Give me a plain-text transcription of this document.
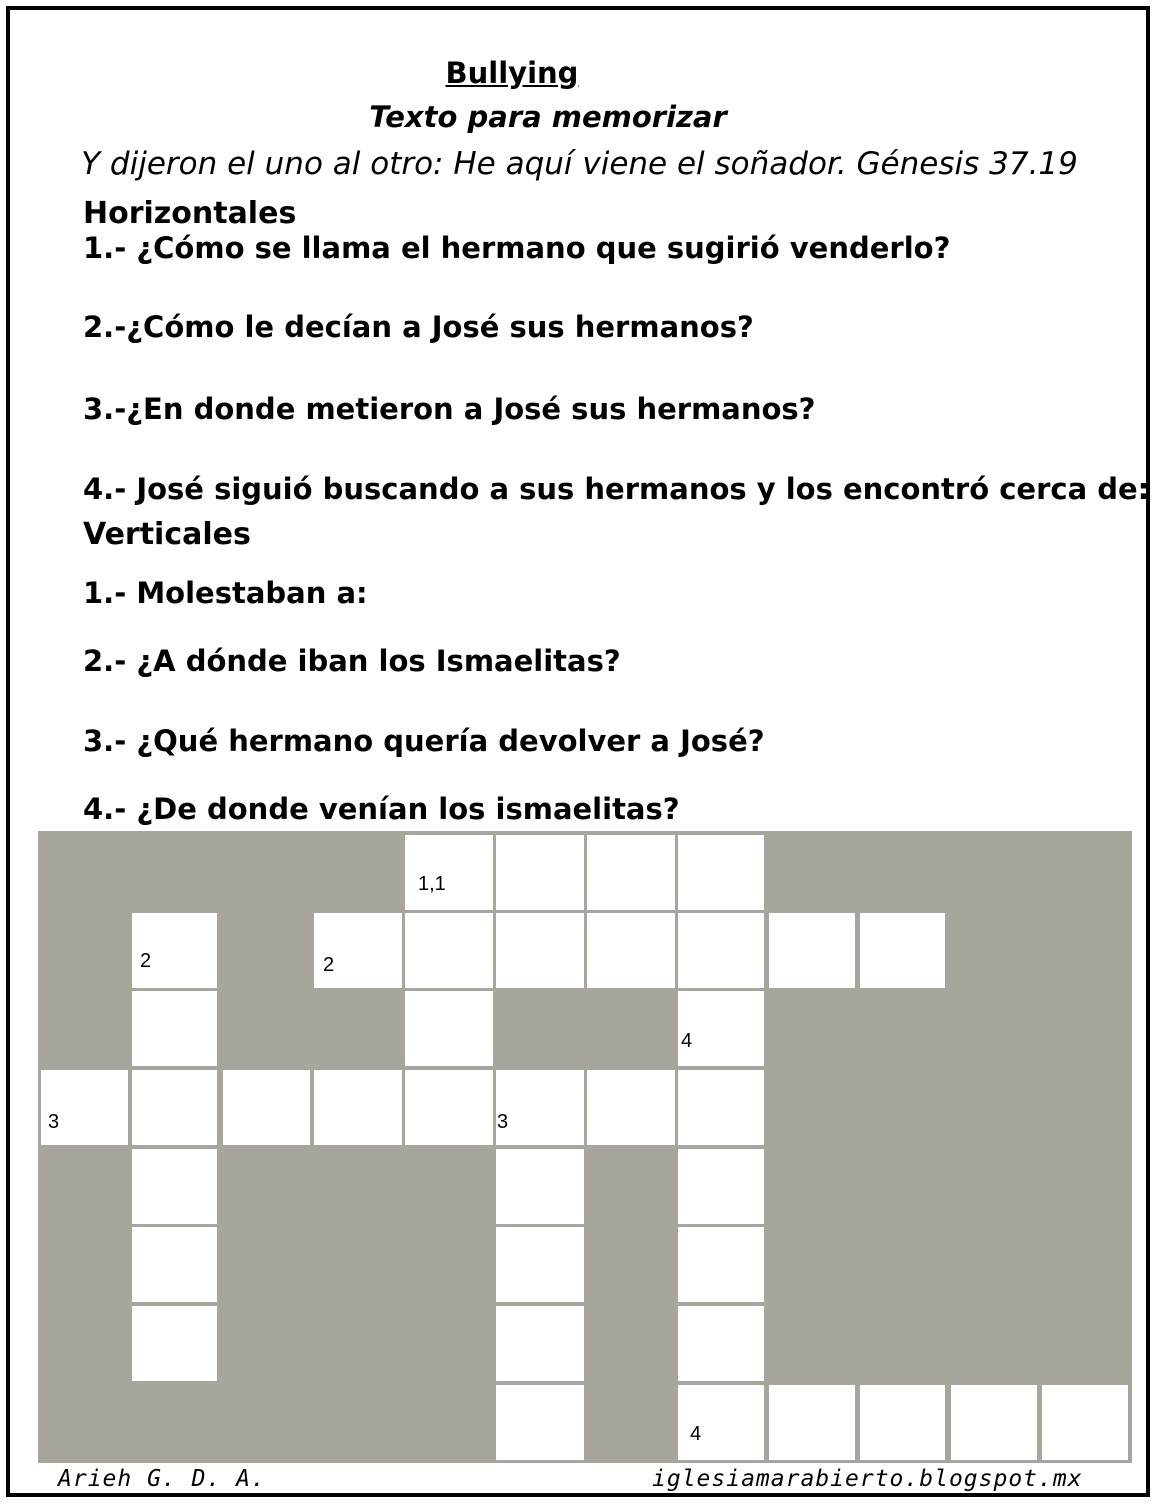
Bullying
Texto para memorizar
Y dijeron el uno al otro: He aquí viene el soñador. Génesis 37.19
Horizontales
1.- ¿Cómo se llama el hermano que sugirió venderlo?
2.-¿Cómo le decían a José sus hermanos?
3.-¿En donde metieron a José sus hermanos?
4.- José siguió buscando a sus hermanos y los encontró cerca de:
Verticales
1.- Molestaban a:
2.- ¿A dónde iban los Ismaelitas?
3.- ¿Qué hermano quería devolver a José?
4.- ¿De donde venían los ismaelitas?
1,1
2	2
4
3	3
4
Arieh G. D. A.	iglesiamarabierto.blogspot.mx
